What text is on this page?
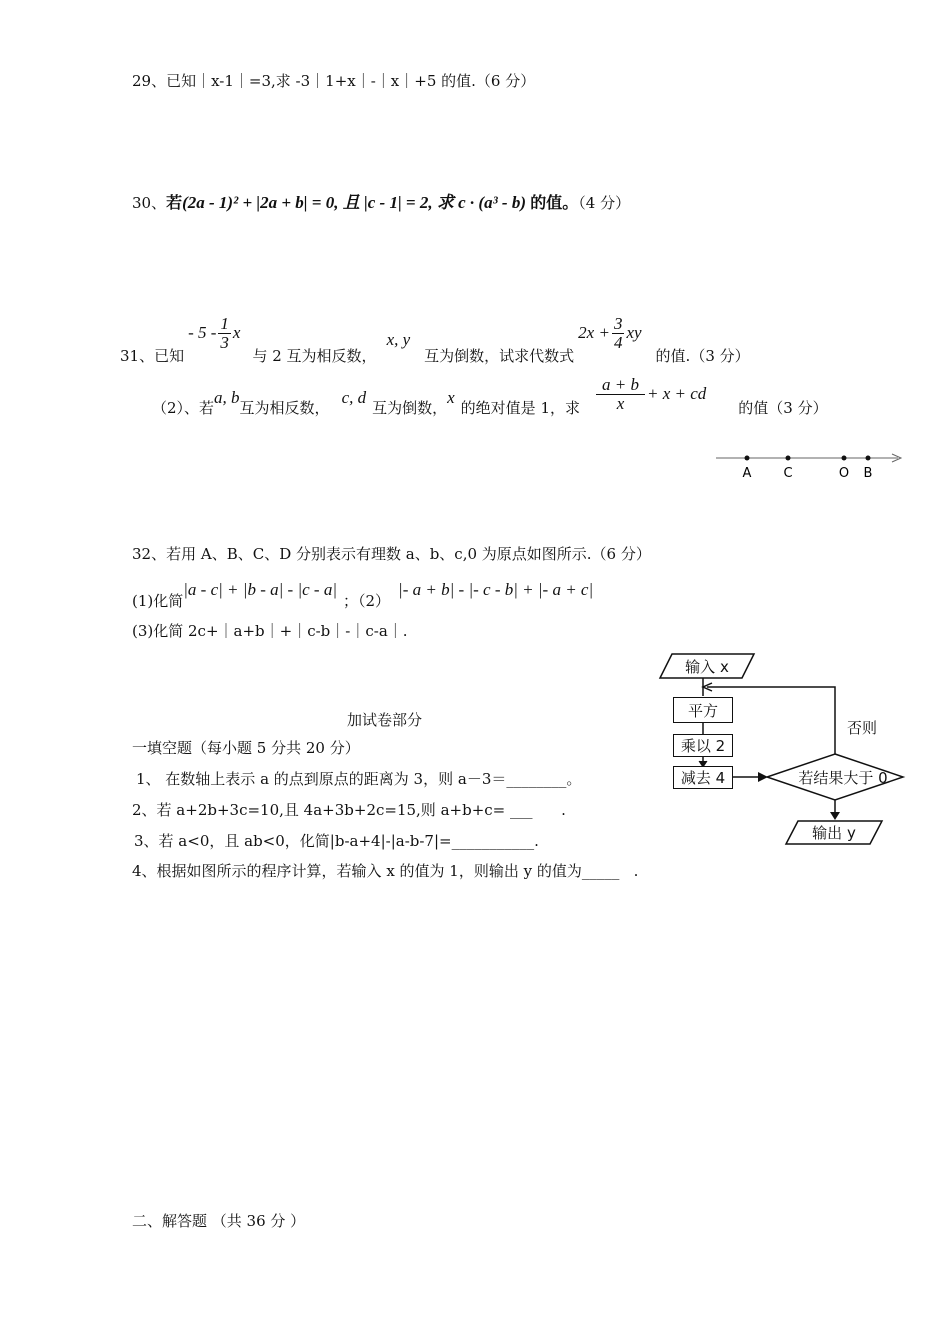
29、已知｜x-1｜=3,求 -3｜1+x｜-｜x｜+5 的值.（6 分）
30、若(2a - 1)² + |2a + b| = 0, 且 |c - 1| = 2, 求 c · (a³ - b) 的值。（4 分）
31、已知
- $5 - \frac{1}{3}$ x
与 2 互为相反数，
x, y
互为倒数，试求代数式
$2x + \frac{3}{4}$ xy
的值.（3 分）
（2）、若
a, b
互为相反数，
c, d
互为倒数，
x
的绝对值是 1，求 $\frac{a + b}{x} + x$ + cd
的值（3 分）
A C	O B
32、若用 A、B、C、D 分别表示有理数 a、b、c,0 为原点如图所示.（6 分）
(1)化简
|a - c| + |b - a| - |c - a|
；（2）
|- a + b| - |- c - b| + |- a + c|
(3)化简 2c+｜a+b｜+｜c-b｜-｜c-a｜.
加试卷部分
一填空题（每小题 5 分共 20 分）
1、 在数轴上表示 a 的点到原点的距离为 3，则 a－3＝________。
2、若 a+2b+3c=10,且 4a+3b+2c=15,则 a+b+c= ___      .
3、若 a<0，且 ab<0，化简|b-a+4|-|a-b-7|=___________.
4、根据如图所示的程序计算，若输入 x 的值为 1，则输出 y 的值为_____   .
二、解答题 （共 36 分 ）
输入 x
平方
乘以 2
减去 4	若结果大于 0
否则
输出 y
